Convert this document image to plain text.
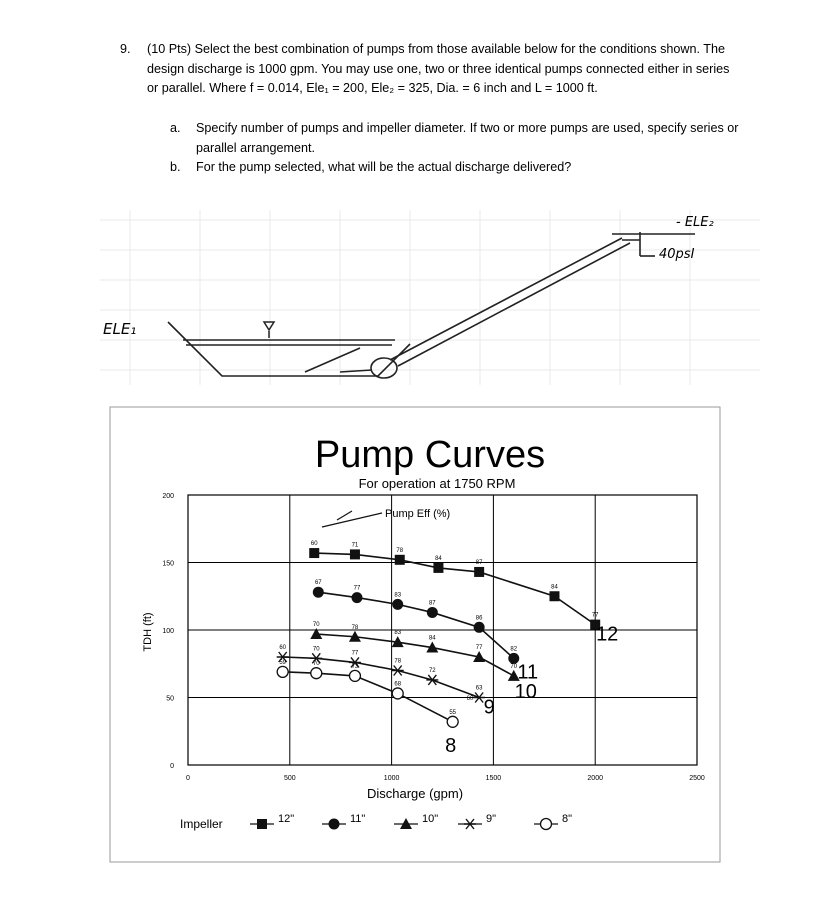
9. (10 Pts) Select the best combination of pumps from those available below for the conditions shown. The design discharge is 1000 gpm. You may use one, two or three identical pumps connected either in series or parallel. Where f = 0.014, Ele₁ = 200, Ele₂ = 325, Dia. = 6 inch and L = 1000 ft.
a. Specify number of pumps and impeller diameter. If two or more pumps are used, specify series or parallel arrangement.
b. For the pump selected, what will be the actual discharge delivered?
ELE₁
- ELE₂
40psI
Pump Curves
For operation at 1750 RPM
0	500	1000	1500	2000	2500
0
50
100
150
200
60	71
78
84
87
84
77
12
67
77
83
87
86
82
11
70	78
83
84
77
70
10
60	70
77
78
72
63
9
59	70	73
68
55
8
Pump Eff (%)
60
TDH (ft)
Discharge (gpm)
Impeller	12"	11"	10"	9"	8"
